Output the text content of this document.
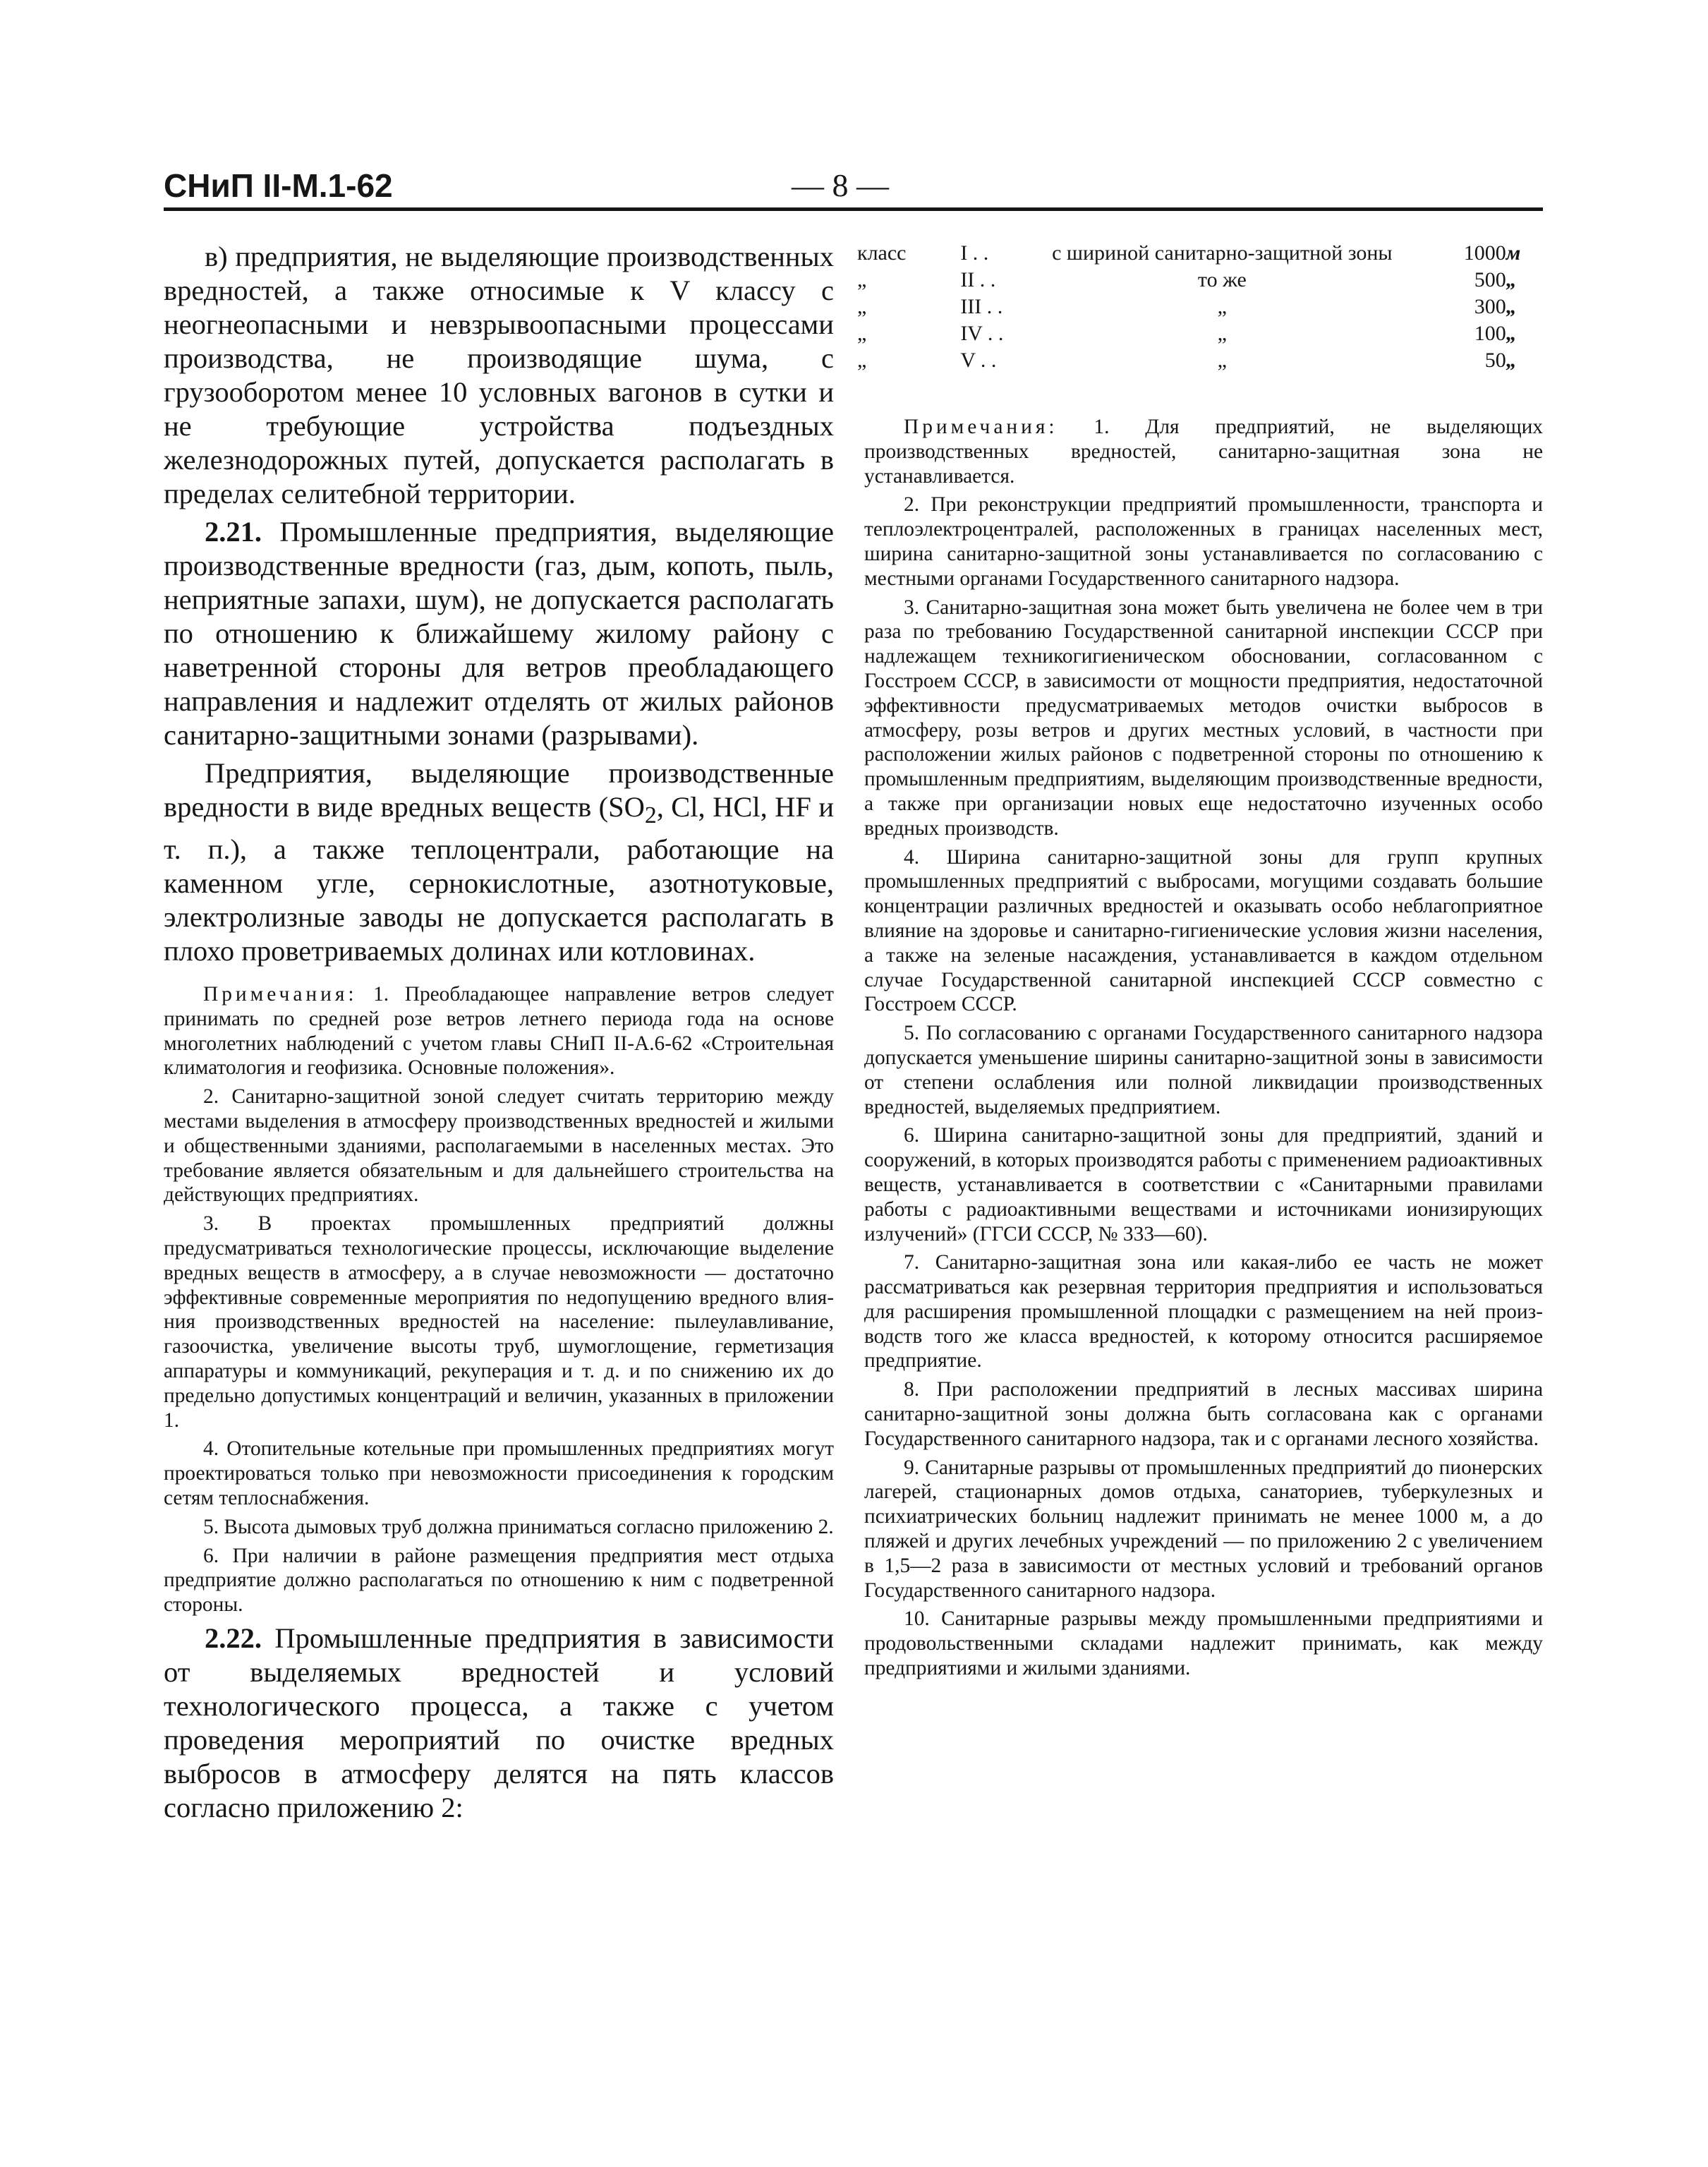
СНиП II-М.1-62	— 8 —

в) предприятия, не выделяющие производственных вредностей, а также относимые к V классу с неогнеопасными и невзрывоопасными процессами производства, не производящие шума, с грузооборотом менее 10 условных вагонов в сутки и не требующие устройства подъездных железнодорожных путей, допускается располагать в пределах селитебной территории.

2.21. Промышленные предприятия, выделяющие производственные вредности (газ, дым, копоть, пыль, неприятные запахи, шум), не допускается располагать по отношению к ближайшему жилому району с наветренной стороны для ветров преобладающего направления и надлежит отделять от жилых районов санитарно-защитными зонами (разрывами).

Предприятия, выделяющие производственные вредности в виде вредных веществ ($SO_2$, Cl, HCl, HF и т. п.), а также теплоцентрали, работающие на каменном угле, сернокислотные, азотнотуковые, электролизные заводы не допускается располагать в плохо проветриваемых долинах или котловинах.

Примечания: 1. Преобладающее направление ветров следует принимать по средней розе ветров летнего периода года на основе многолетних наблюдений с учетом главы СНиП II-А.6-62 «Строительная климатология и геофизика. Основные положения».

2. Санитарно-защитной зоной следует считать территорию между местами выделения в атмосферу производственных вредностей и жилыми и общественными зданиями, располагаемыми в населенных местах. Это требование является обязательным и для дальнейшего строительства на действующих предприятиях.

3. В проектах промышленных предприятий должны предусматриваться технологические процессы, исключающие выделение вредных веществ в атмосферу, а в случае невозможности — достаточно эффективные современные мероприятия по недопущению вредного влияния производственных вредностей на население: пылеулавливание, газоочистка, увеличение высоты труб, шумоглощение, герметизация аппаратуры и коммуникаций, рекуперация и т. д. и по снижению их до предельно допустимых концентраций и величин, указанных в приложении 1.

4. Отопительные котельные при промышленных предприятиях могут проектироваться только при невозможности присоединения к городским сетям теплоснабжения.

5. Высота дымовых труб должна приниматься согласно приложению 2.

6. При наличии в районе размещения предприятия мест отдыха предприятие должно располагаться по отношению к ним с подветренной стороны.

2.22. Промышленные предприятия в зависимости от выделяемых вредностей и условий технологического процесса, а также с учетом проведения мероприятий по очистке вредных выбросов в атмосферу делятся на пять классов согласно приложению 2:

класс	I . .	с шириной санитарно-защитной зоны	1000	м
„	II . .	то же	500	„
„	III . .	„	300	„
„	IV . .	„	100	„
„	V . .	„	50	„

Примечания: 1. Для предприятий, не выделяющих производственных вредностей, санитарно-защитная зона не устанавливается.

2. При реконструкции предприятий промышленности, транспорта и теплоэлектроцентралей, расположенных в границах населенных мест, ширина санитарно-защитной зоны устанавливается по согласованию с местными органами Государственного санитарного надзора.

3. Санитарно-защитная зона может быть увеличена не более чем в три раза по требованию Государственной санитарной инспекции СССР при надлежащем техникогигиеническом обосновании, согласованном с Госстроем СССР, в зависимости от мощности предприятия, недостаточной эффективности предусматриваемых методов очистки выбросов в атмосферу, розы ветров и других местных условий, в частности при расположении жилых районов с подветренной стороны по отношению к промышленным предприятиям, выделяющим производственные вредности, а также при организации новых еще недостаточно изученных особо вредных производств.

4. Ширина санитарно-защитной зоны для групп крупных промышленных предприятий с выбросами, могущими создавать большие концентрации различных вредностей и оказывать особо неблагоприятное влияние на здоровье и санитарно-гигиенические условия жизни населения, а также на зеленые насаждения, устанавливается в каждом отдельном случае Государственной санитарной инспекцией СССР совместно с Госстроем СССР.

5. По согласованию с органами Государственного санитарного надзора допускается уменьшение ширины санитарно-защитной зоны в зависимости от степени ослабления или полной ликвидации производственных вредностей, выделяемых предприятием.

6. Ширина санитарно-защитной зоны для предприятий, зданий и сооружений, в которых производятся работы с применением радиоактивных веществ, устанавливается в соответствии с «Санитарными правилами работы с радиоактивными веществами и источниками ионизирующих излучений» (ГГСИ СССР, № 333—60).

7. Санитарно-защитная зона или какая-либо ее часть не может рассматриваться как резервная территория предприятия и использоваться для расширения промышленной площадки с размещением на ней производств того же класса вредностей, к которому относится расширяемое предприятие.

8. При расположении предприятий в лесных массивах ширина санитарно-защитной зоны должна быть согласована как с органами Государственного санитарного надзора, так и с органами лесного хозяйства.

9. Санитарные разрывы от промышленных предприятий до пионерских лагерей, стационарных домов отдыха, санаториев, туберкулезных и психиатрических больниц надлежит принимать не менее 1000 м, а до пляжей и других лечебных учреждений — по приложению 2 с увеличением в 1,5—2 раза в зависимости от местных условий и требований органов Государственного санитарного надзора.

10. Санитарные разрывы между промышленными предприятиями и продовольственными складами надлежит принимать, как между предприятиями и жилыми зданиями.
